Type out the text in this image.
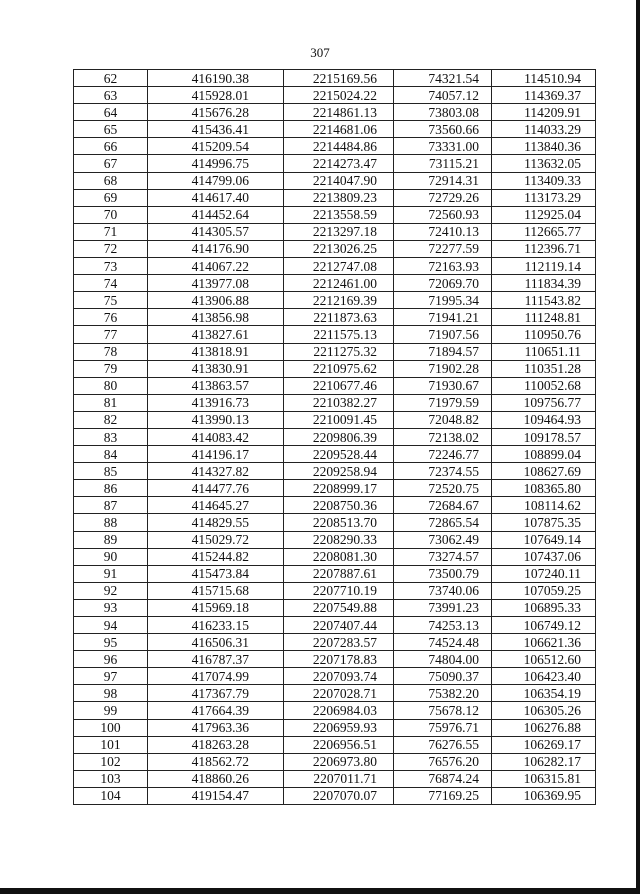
307
62	416190.38	2215169.56	74321.54	114510.94
63	415928.01	2215024.22	74057.12	114369.37
64	415676.28	2214861.13	73803.08	114209.91
65	415436.41	2214681.06	73560.66	114033.29
66	415209.54	2214484.86	73331.00	113840.36
67	414996.75	2214273.47	73115.21	113632.05
68	414799.06	2214047.90	72914.31	113409.33
69	414617.40	2213809.23	72729.26	113173.29
70	414452.64	2213558.59	72560.93	112925.04
71	414305.57	2213297.18	72410.13	112665.77
72	414176.90	2213026.25	72277.59	112396.71
73	414067.22	2212747.08	72163.93	112119.14
74	413977.08	2212461.00	72069.70	111834.39
75	413906.88	2212169.39	71995.34	111543.82
76	413856.98	2211873.63	71941.21	111248.81
77	413827.61	2211575.13	71907.56	110950.76
78	413818.91	2211275.32	71894.57	110651.11
79	413830.91	2210975.62	71902.28	110351.28
80	413863.57	2210677.46	71930.67	110052.68
81	413916.73	2210382.27	71979.59	109756.77
82	413990.13	2210091.45	72048.82	109464.93
83	414083.42	2209806.39	72138.02	109178.57
84	414196.17	2209528.44	72246.77	108899.04
85	414327.82	2209258.94	72374.55	108627.69
86	414477.76	2208999.17	72520.75	108365.80
87	414645.27	2208750.36	72684.67	108114.62
88	414829.55	2208513.70	72865.54	107875.35
89	415029.72	2208290.33	73062.49	107649.14
90	415244.82	2208081.30	73274.57	107437.06
91	415473.84	2207887.61	73500.79	107240.11
92	415715.68	2207710.19	73740.06	107059.25
93	415969.18	2207549.88	73991.23	106895.33
94	416233.15	2207407.44	74253.13	106749.12
95	416506.31	2207283.57	74524.48	106621.36
96	416787.37	2207178.83	74804.00	106512.60
97	417074.99	2207093.74	75090.37	106423.40
98	417367.79	2207028.71	75382.20	106354.19
99	417664.39	2206984.03	75678.12	106305.26
100	417963.36	2206959.93	75976.71	106276.88
101	418263.28	2206956.51	76276.55	106269.17
102	418562.72	2206973.80	76576.20	106282.17
103	418860.26	2207011.71	76874.24	106315.81
104	419154.47	2207070.07	77169.25	106369.95
